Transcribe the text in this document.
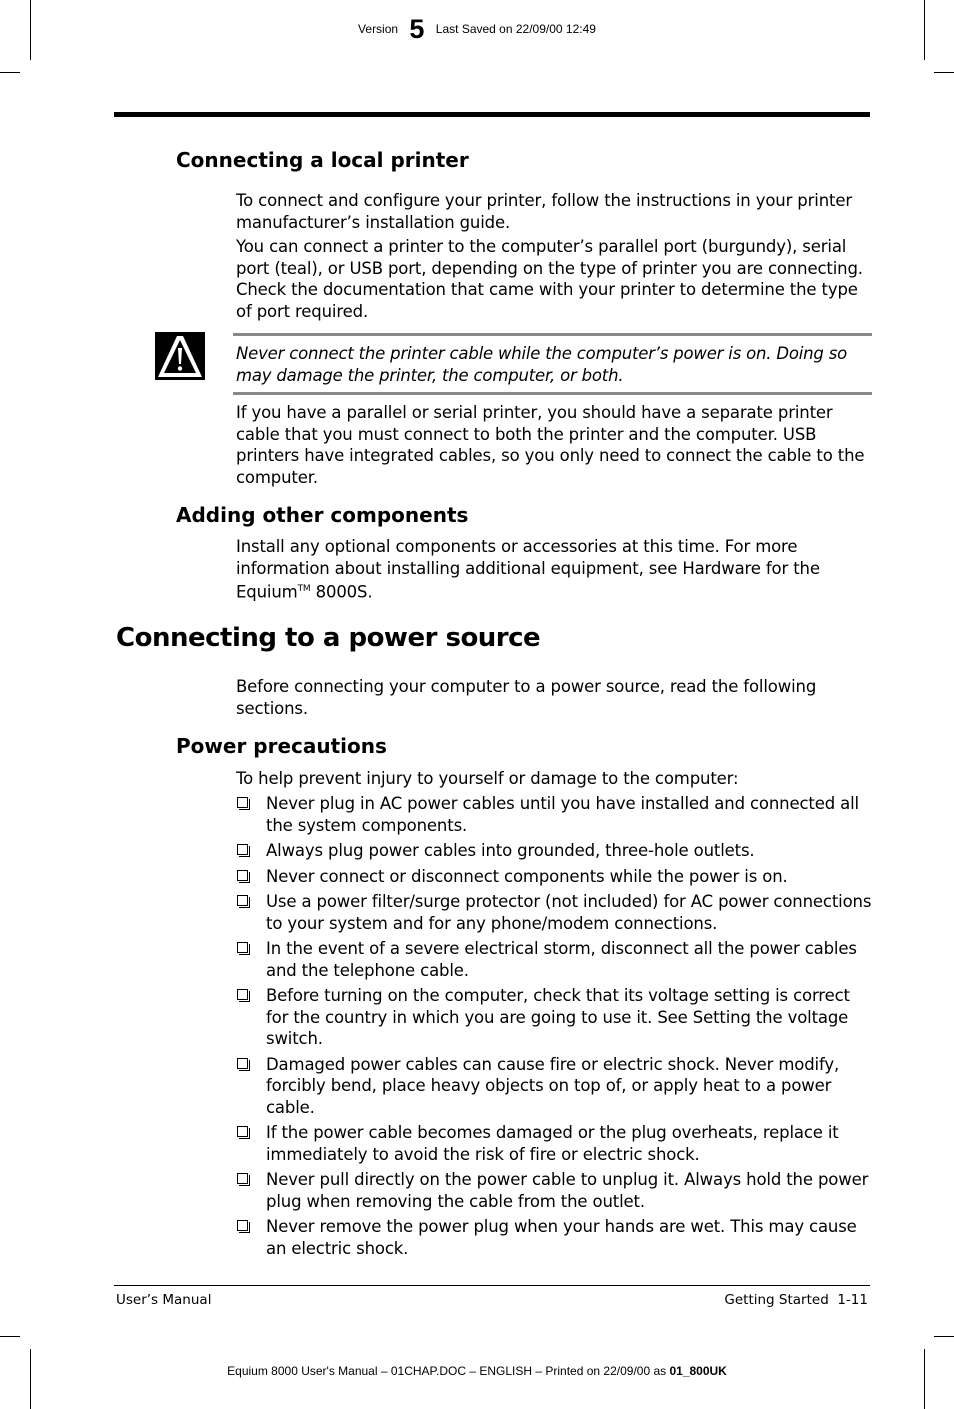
Version 5 Last Saved on 22/09/00 12:49
Connecting a local printer

To connect and configure your printer, follow the instructions in your printer manufacturer’s installation guide.

You can connect a printer to the computer’s parallel port (burgundy), serial port (teal), or USB port, depending on the type of printer you are connecting. Check the documentation that came with your printer to determine the type of port required.

Never connect the printer cable while the computer’s power is on. Doing so may damage the printer, the computer, or both.

If you have a parallel or serial printer, you should have a separate printer cable that you must connect to both the printer and the computer. USB printers have integrated cables, so you only need to connect the cable to the computer.

Adding other components

Install any optional components or accessories at this time. For more information about installing additional equipment, see Hardware for the Equium™ 8000S.

Connecting to a power source

Before connecting your computer to a power source, read the following sections.

Power precautions

To help prevent injury to yourself or damage to the computer:

Never plug in AC power cables until you have installed and connected all the system components.
Always plug power cables into grounded, three-hole outlets.
Never connect or disconnect components while the power is on.
Use a power filter/surge protector (not included) for AC power connections to your system and for any phone/modem connections.
In the event of a severe electrical storm, disconnect all the power cables and the telephone cable.
Before turning on the computer, check that its voltage setting is correct for the country in which you are going to use it. See Setting the voltage switch.
Damaged power cables can cause fire or electric shock. Never modify, forcibly bend, place heavy objects on top of, or apply heat to a power cable.
If the power cable becomes damaged or the plug overheats, replace it immediately to avoid the risk of fire or electric shock.
Never pull directly on the power cable to unplug it. Always hold the power plug when removing the cable from the outlet.
Never remove the power plug when your hands are wet. This may cause an electric shock.
User’s Manual	Getting Started  1-11
Equium 8000 User's Manual – 01CHAP.DOC – ENGLISH – Printed on 22/09/00 as 01_800UK
